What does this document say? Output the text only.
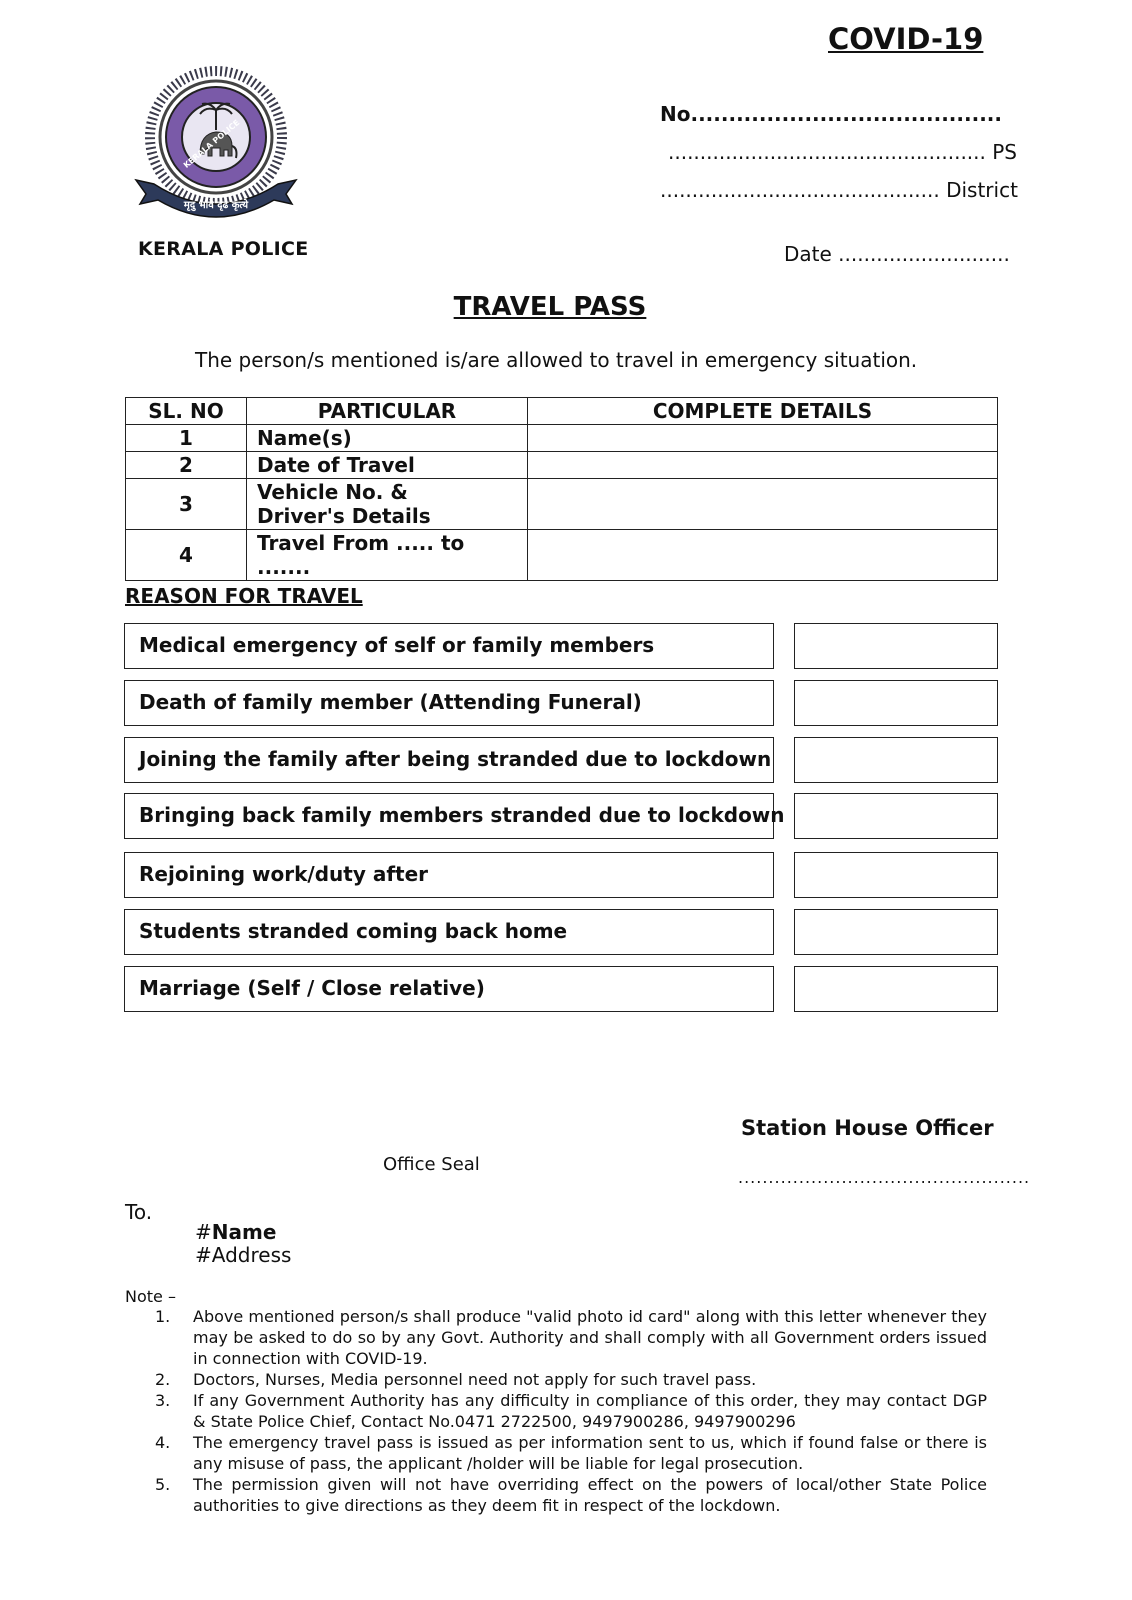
COVID-19
KERALA POLICE
मृदु भावे दृढ कृत्ये
KERALA POLICE
No.........................................
.................................................. PS
............................................ District
Date ...........................
TRAVEL PASS
The person/s mentioned is/are allowed to travel in emergency situation.
SL. NO	PARTICULAR	COMPLETE DETAILS
1	Name(s)	
2	Date of Travel	
3	Vehicle No. &
Driver's Details	

4	Travel From ..... to .......	
REASON FOR TRAVEL
Medical emergency of self or family members
Death of family member (Attending Funeral)
Joining the family after being stranded due to lockdown
Bringing back family members stranded due to lockdown
Rejoining work/duty after
Students stranded coming back home
Marriage (Self / Close relative)
Station House Officer
Office Seal
................................................
To.
#Name
#Address
Note –
1.	Above mentioned person/s shall produce "valid photo id card" along with this letter whenever they may be asked to do so by any Govt. Authority and shall comply with all Government orders issued in connection with COVID-19.
2.	Doctors, Nurses, Media personnel need not apply for such travel pass.
3.	If any Government Authority has any difficulty in compliance of this order, they may contact DGP & State Police Chief, Contact No.0471 2722500, 9497900286, 9497900296
4.	The emergency travel pass is issued as per information sent to us, which if found false or there is any misuse of pass, the applicant /holder will be liable for legal prosecution.
5.	The permission given will not have overriding effect on the powers of local/other State Police authorities to give directions as they deem fit in respect of the lockdown.
